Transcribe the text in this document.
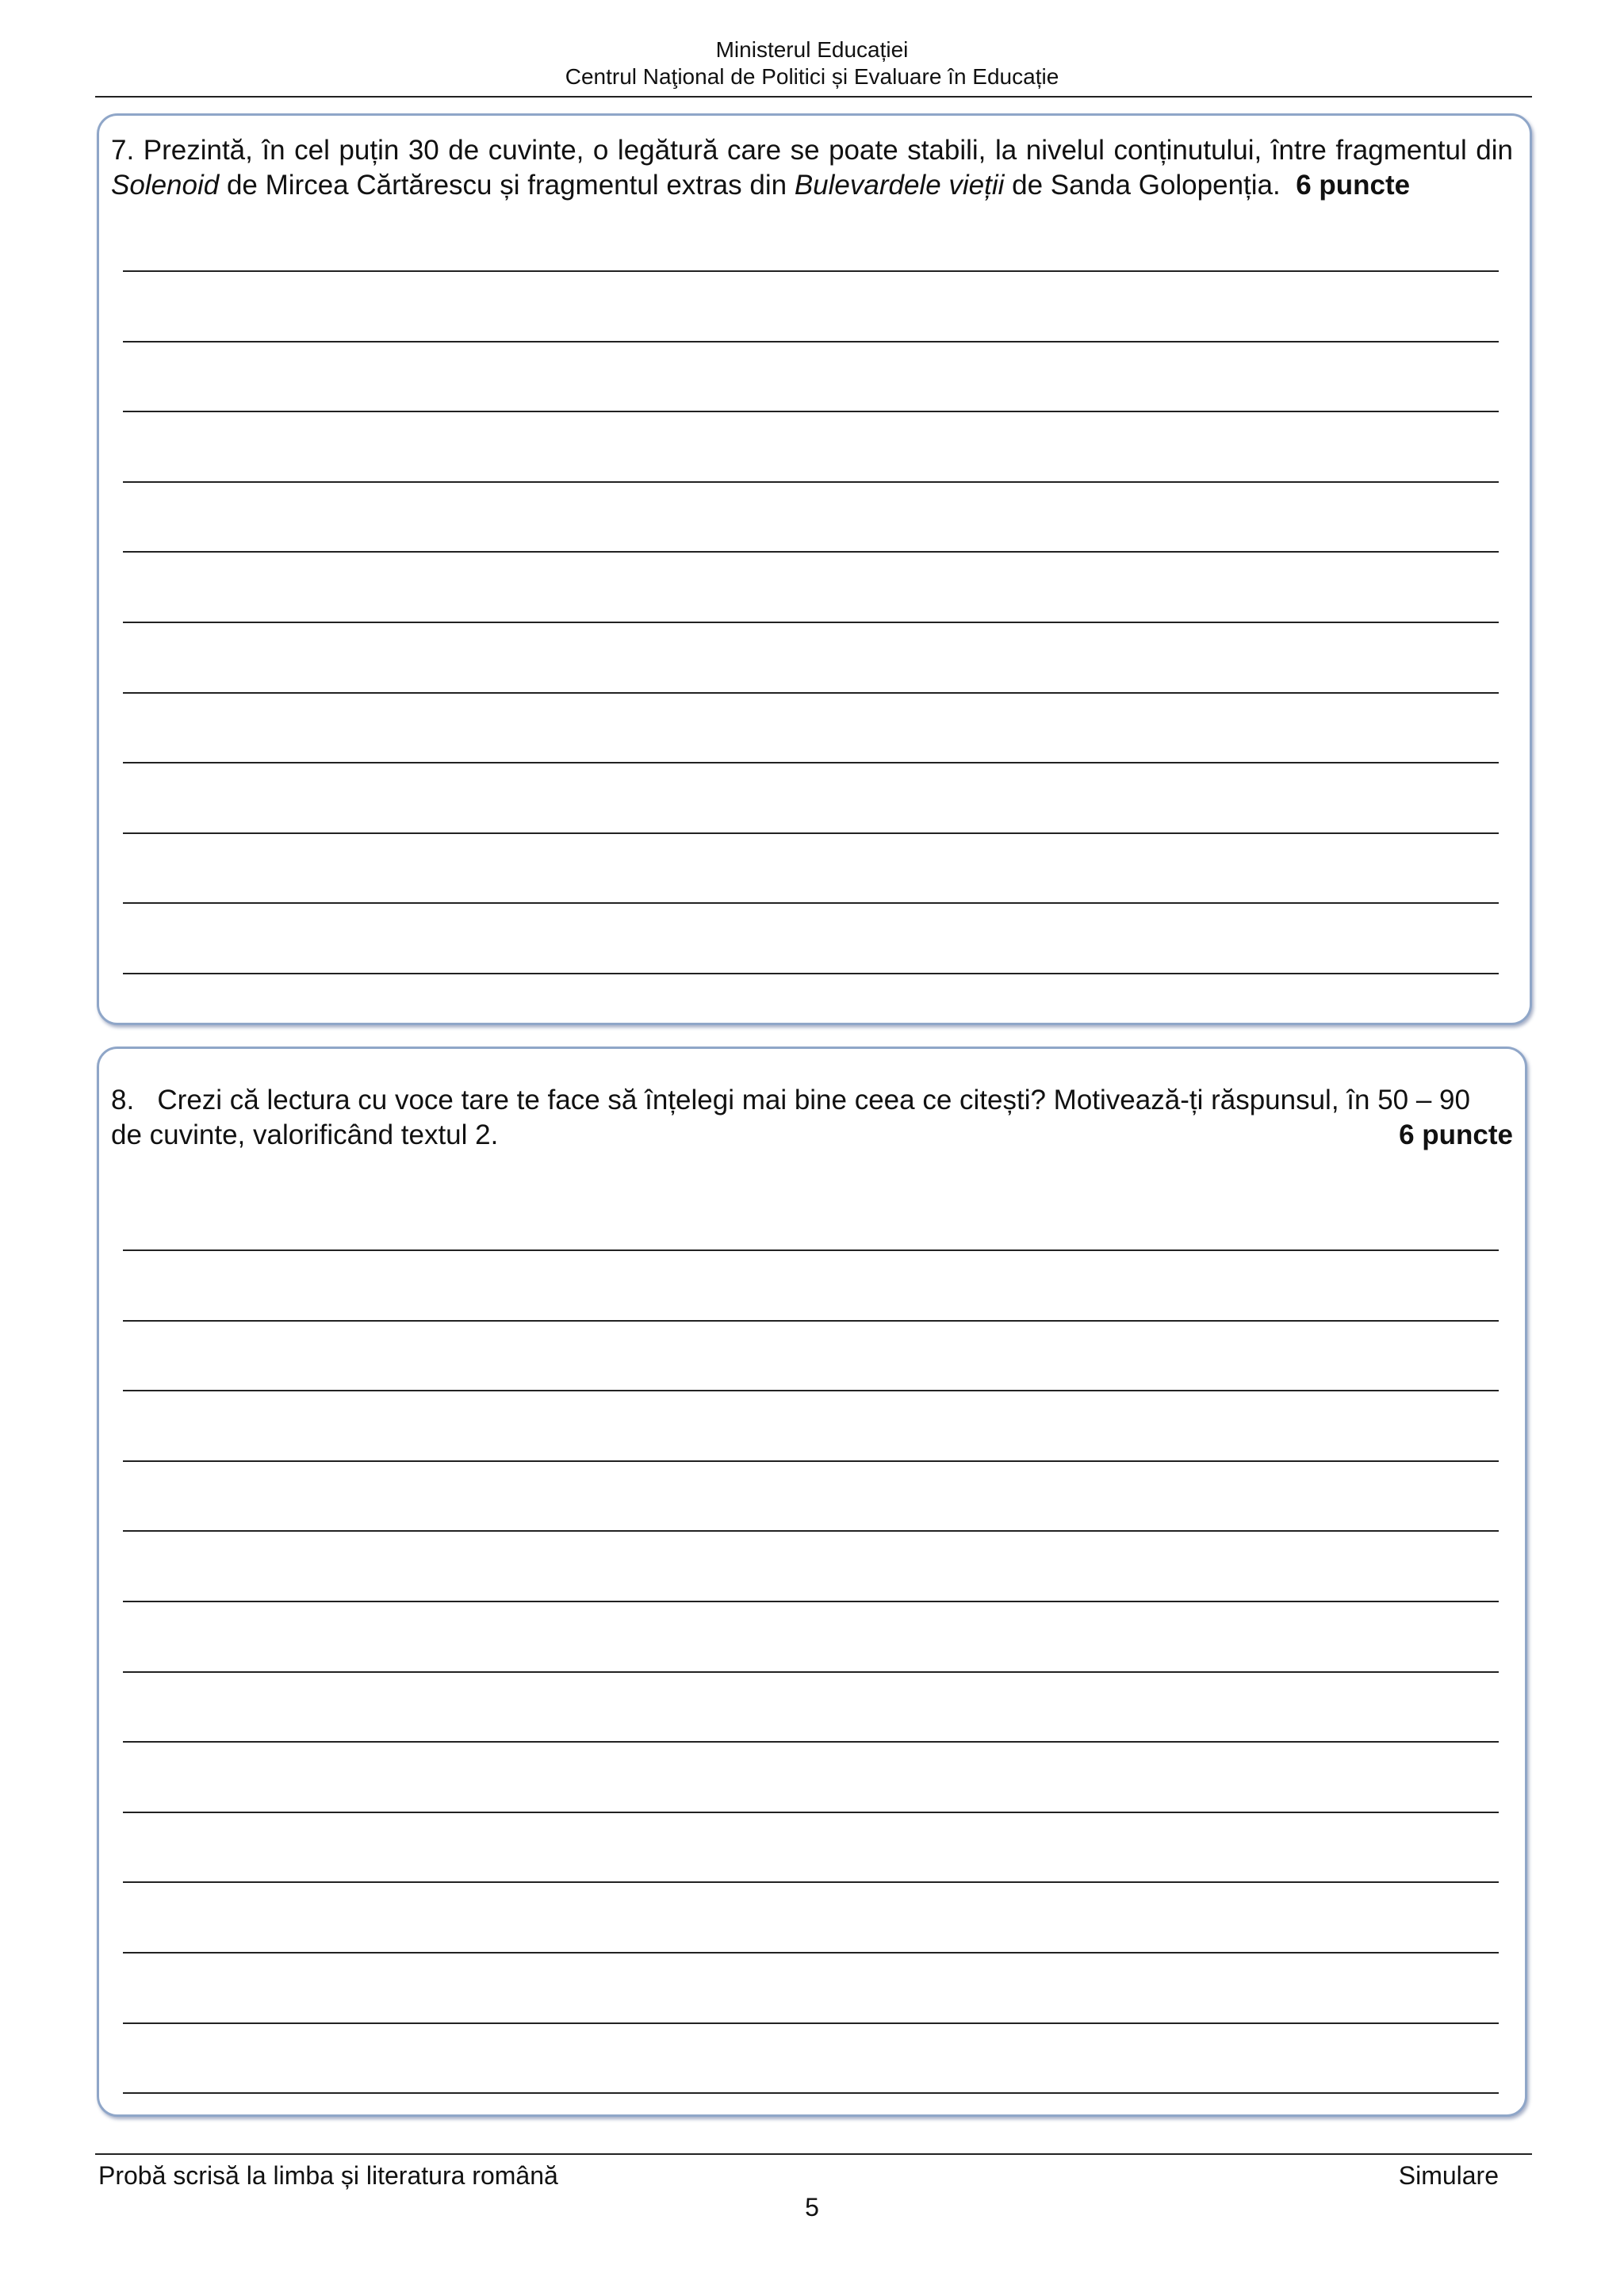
Ministerul Educației
Centrul Naţional de Politici și Evaluare în Educație
7. Prezintă, în cel puțin 30 de cuvinte, o legătură care se poate stabili, la nivelul conținutului, între fragmentul din Solenoid de Mircea Cărtărescu și fragmentul extras din Bulevardele vieții de Sanda Golopenția. 6 puncte
8. Crezi că lectura cu voce tare te face să înțelegi mai bine ceea ce citești? Motivează-ți răspunsul, în 50 – 90
de cuvinte, valorificând textul 2.	6 puncte
Probă scrisă la limba și literatura română	Simulare
5
